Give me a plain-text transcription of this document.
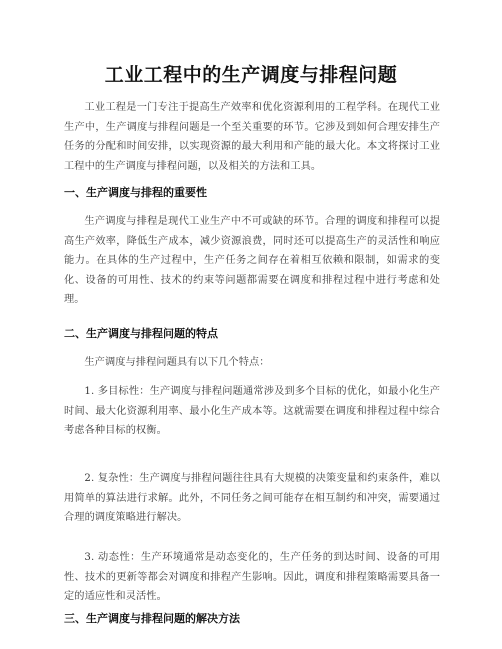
工业工程中的生产调度与排程问题

工业工程是一门专注于提高生产效率和优化资源利用的工程学科。在现代工业生产中，生产调度与排程问题是一个至关重要的环节。它涉及到如何合理安排生产任务的分配和时间安排，以实现资源的最大利用和产能的最大化。本文将探讨工业工程中的生产调度与排程问题，以及相关的方法和工具。

一、生产调度与排程的重要性

生产调度与排程是现代工业生产中不可或缺的环节。合理的调度和排程可以提高生产效率，降低生产成本，减少资源浪费，同时还可以提高生产的灵活性和响应能力。在具体的生产过程中，生产任务之间存在着相互依赖和限制，如需求的变化、设备的可用性、技术的约束等问题都需要在调度和排程过程中进行考虑和处理。

二、生产调度与排程问题的特点

生产调度与排程问题具有以下几个特点：

1. 多目标性：生产调度与排程问题通常涉及到多个目标的优化，如最小化生产时间、最大化资源利用率、最小化生产成本等。这就需要在调度和排程过程中综合考虑各种目标的权衡。

2. 复杂性：生产调度与排程问题往往具有大规模的决策变量和约束条件，难以用简单的算法进行求解。此外，不同任务之间可能存在相互制约和冲突，需要通过合理的调度策略进行解决。

3. 动态性：生产环境通常是动态变化的，生产任务的到达时间、设备的可用性、技术的更新等都会对调度和排程产生影响。因此，调度和排程策略需要具备一定的适应性和灵活性。

三、生产调度与排程问题的解决方法
